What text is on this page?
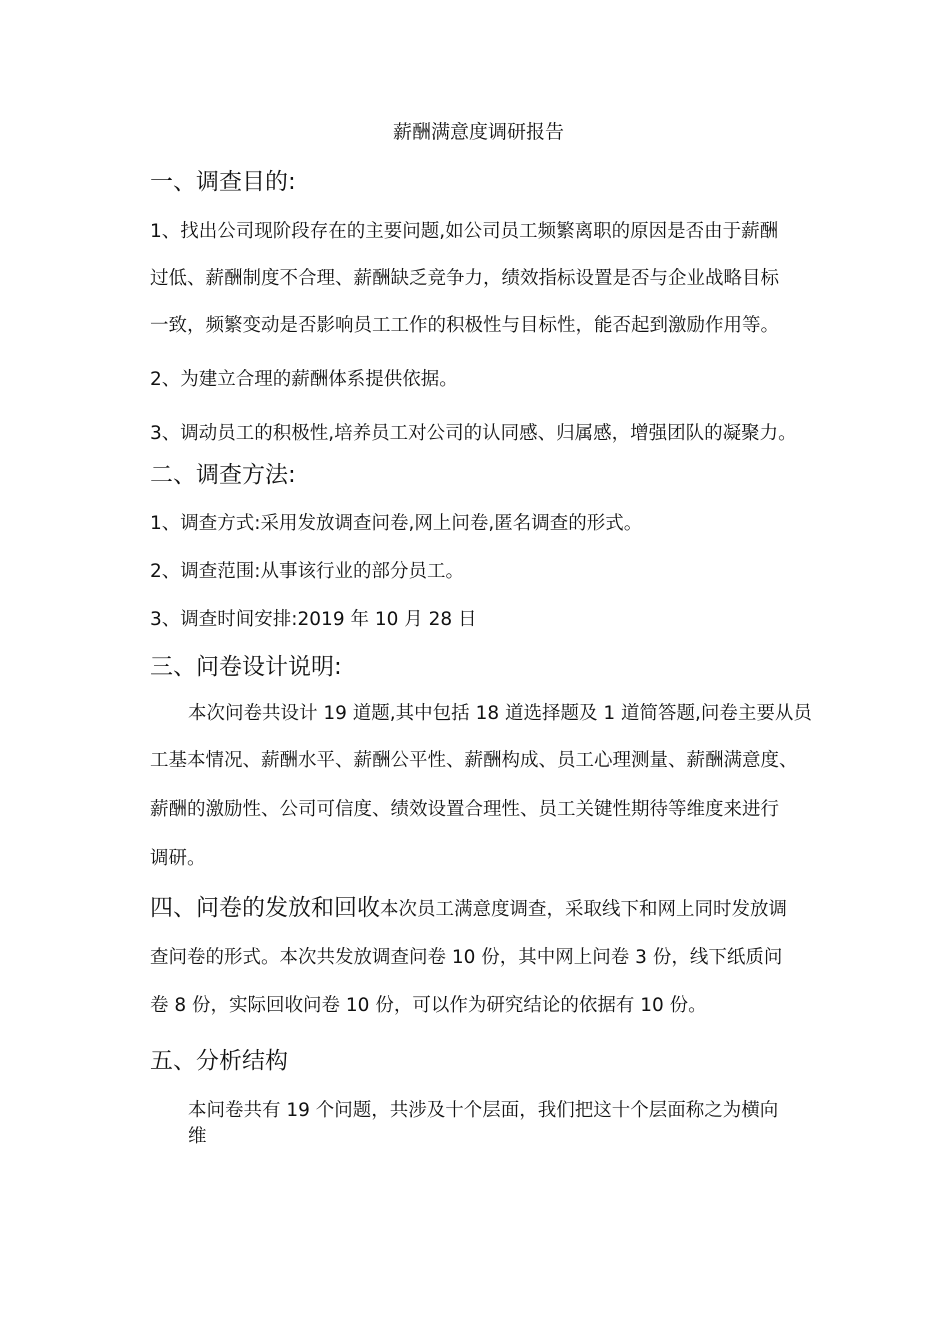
薪酬满意度调研报告
一、调查目的:
1、找出公司现阶段存在的主要问题,如公司员工频繁离职的原因是否由于薪酬
过低、薪酬制度不合理、薪酬缺乏竞争力，绩效指标设置是否与企业战略目标
一致，频繁变动是否影响员工工作的积极性与目标性，能否起到激励作用等。
2、为建立合理的薪酬体系提供依据。
3、调动员工的积极性,培养员工对公司的认同感、归属感，增强团队的凝聚力。
二、调查方法:
1、调查方式:采用发放调查问卷,网上问卷,匿名调查的形式。
2、调查范围:从事该行业的部分员工。
3、调查时间安排:2019 年 10 月 28 日
三、问卷设计说明:
本次问卷共设计 19 道题,其中包括 18 道选择题及 1 道简答题,问卷主要从员
工基本情况、薪酬水平、薪酬公平性、薪酬构成、员工心理测量、薪酬满意度、
薪酬的激励性、公司可信度、绩效设置合理性、员工关键性期待等维度来进行
调研。
四、问卷的发放和回收本次员工满意度调查，采取线下和网上同时发放调
查问卷的形式。本次共发放调查问卷 10 份，其中网上问卷 3 份，线下纸质问
卷 8 份，实际回收问卷 10 份，可以作为研究结论的依据有 10 份。
五、分析结构
本问卷共有 19 个问题，共涉及十个层面，我们把这十个层面称之为横向
维
